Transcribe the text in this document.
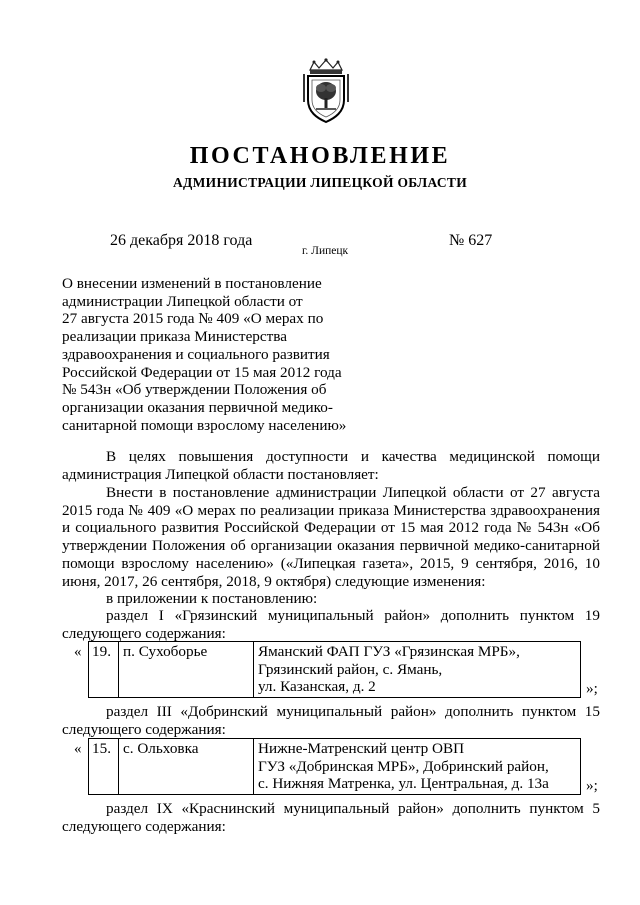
ПОСТАНОВЛЕНИЕ
АДМИНИСТРАЦИИ ЛИПЕЦКОЙ ОБЛАСТИ
26 декабря 2018 года
г. Липецк
№ 627
О внесении изменений в постановление
администрации Липецкой области от
27 августа 2015 года № 409 «О мерах по
реализации приказа Министерства
здравоохранения и социального развития
Российской Федерации от 15 мая 2012 года
№ 543н «Об утверждении Положения об
организации оказания первичной медико-
санитарной помощи взрослому населению»
В целях повышения доступности и качества медицинской помощи
администрация Липецкой области постановляет:
Внести в постановление администрации Липецкой области от 27 августа
2015 года № 409 «О мерах по реализации приказа Министерства здравоохранения
и социального развития Российской Федерации от 15 мая 2012 года № 543н «Об
утверждении Положения об организации оказания первичной медико-санитарной
помощи взрослому населению» («Липецкая газета», 2015, 9 сентября, 2016, 10
июня, 2017, 26 сентября, 2018, 9 октября) следующие изменения:
в приложении к постановлению:
раздел I «Грязинский муниципальный район» дополнить пунктом 19
следующего содержания:
« 19.	п. Сухоборье	Яманский ФАП ГУЗ «Грязинская МРБ»,
Грязинский район, с. Ямань,
ул. Казанская, д. 2	»;
раздел III «Добринский муниципальный район» дополнить пунктом 15
следующего содержания:
« 15.	с. Ольховка	Нижне-Матренский центр ОВП
ГУЗ «Добринская МРБ», Добринский район,
с. Нижняя Матренка, ул. Центральная, д. 13а	»;
раздел IX «Краснинский муниципальный район» дополнить пунктом 5
следующего содержания:
